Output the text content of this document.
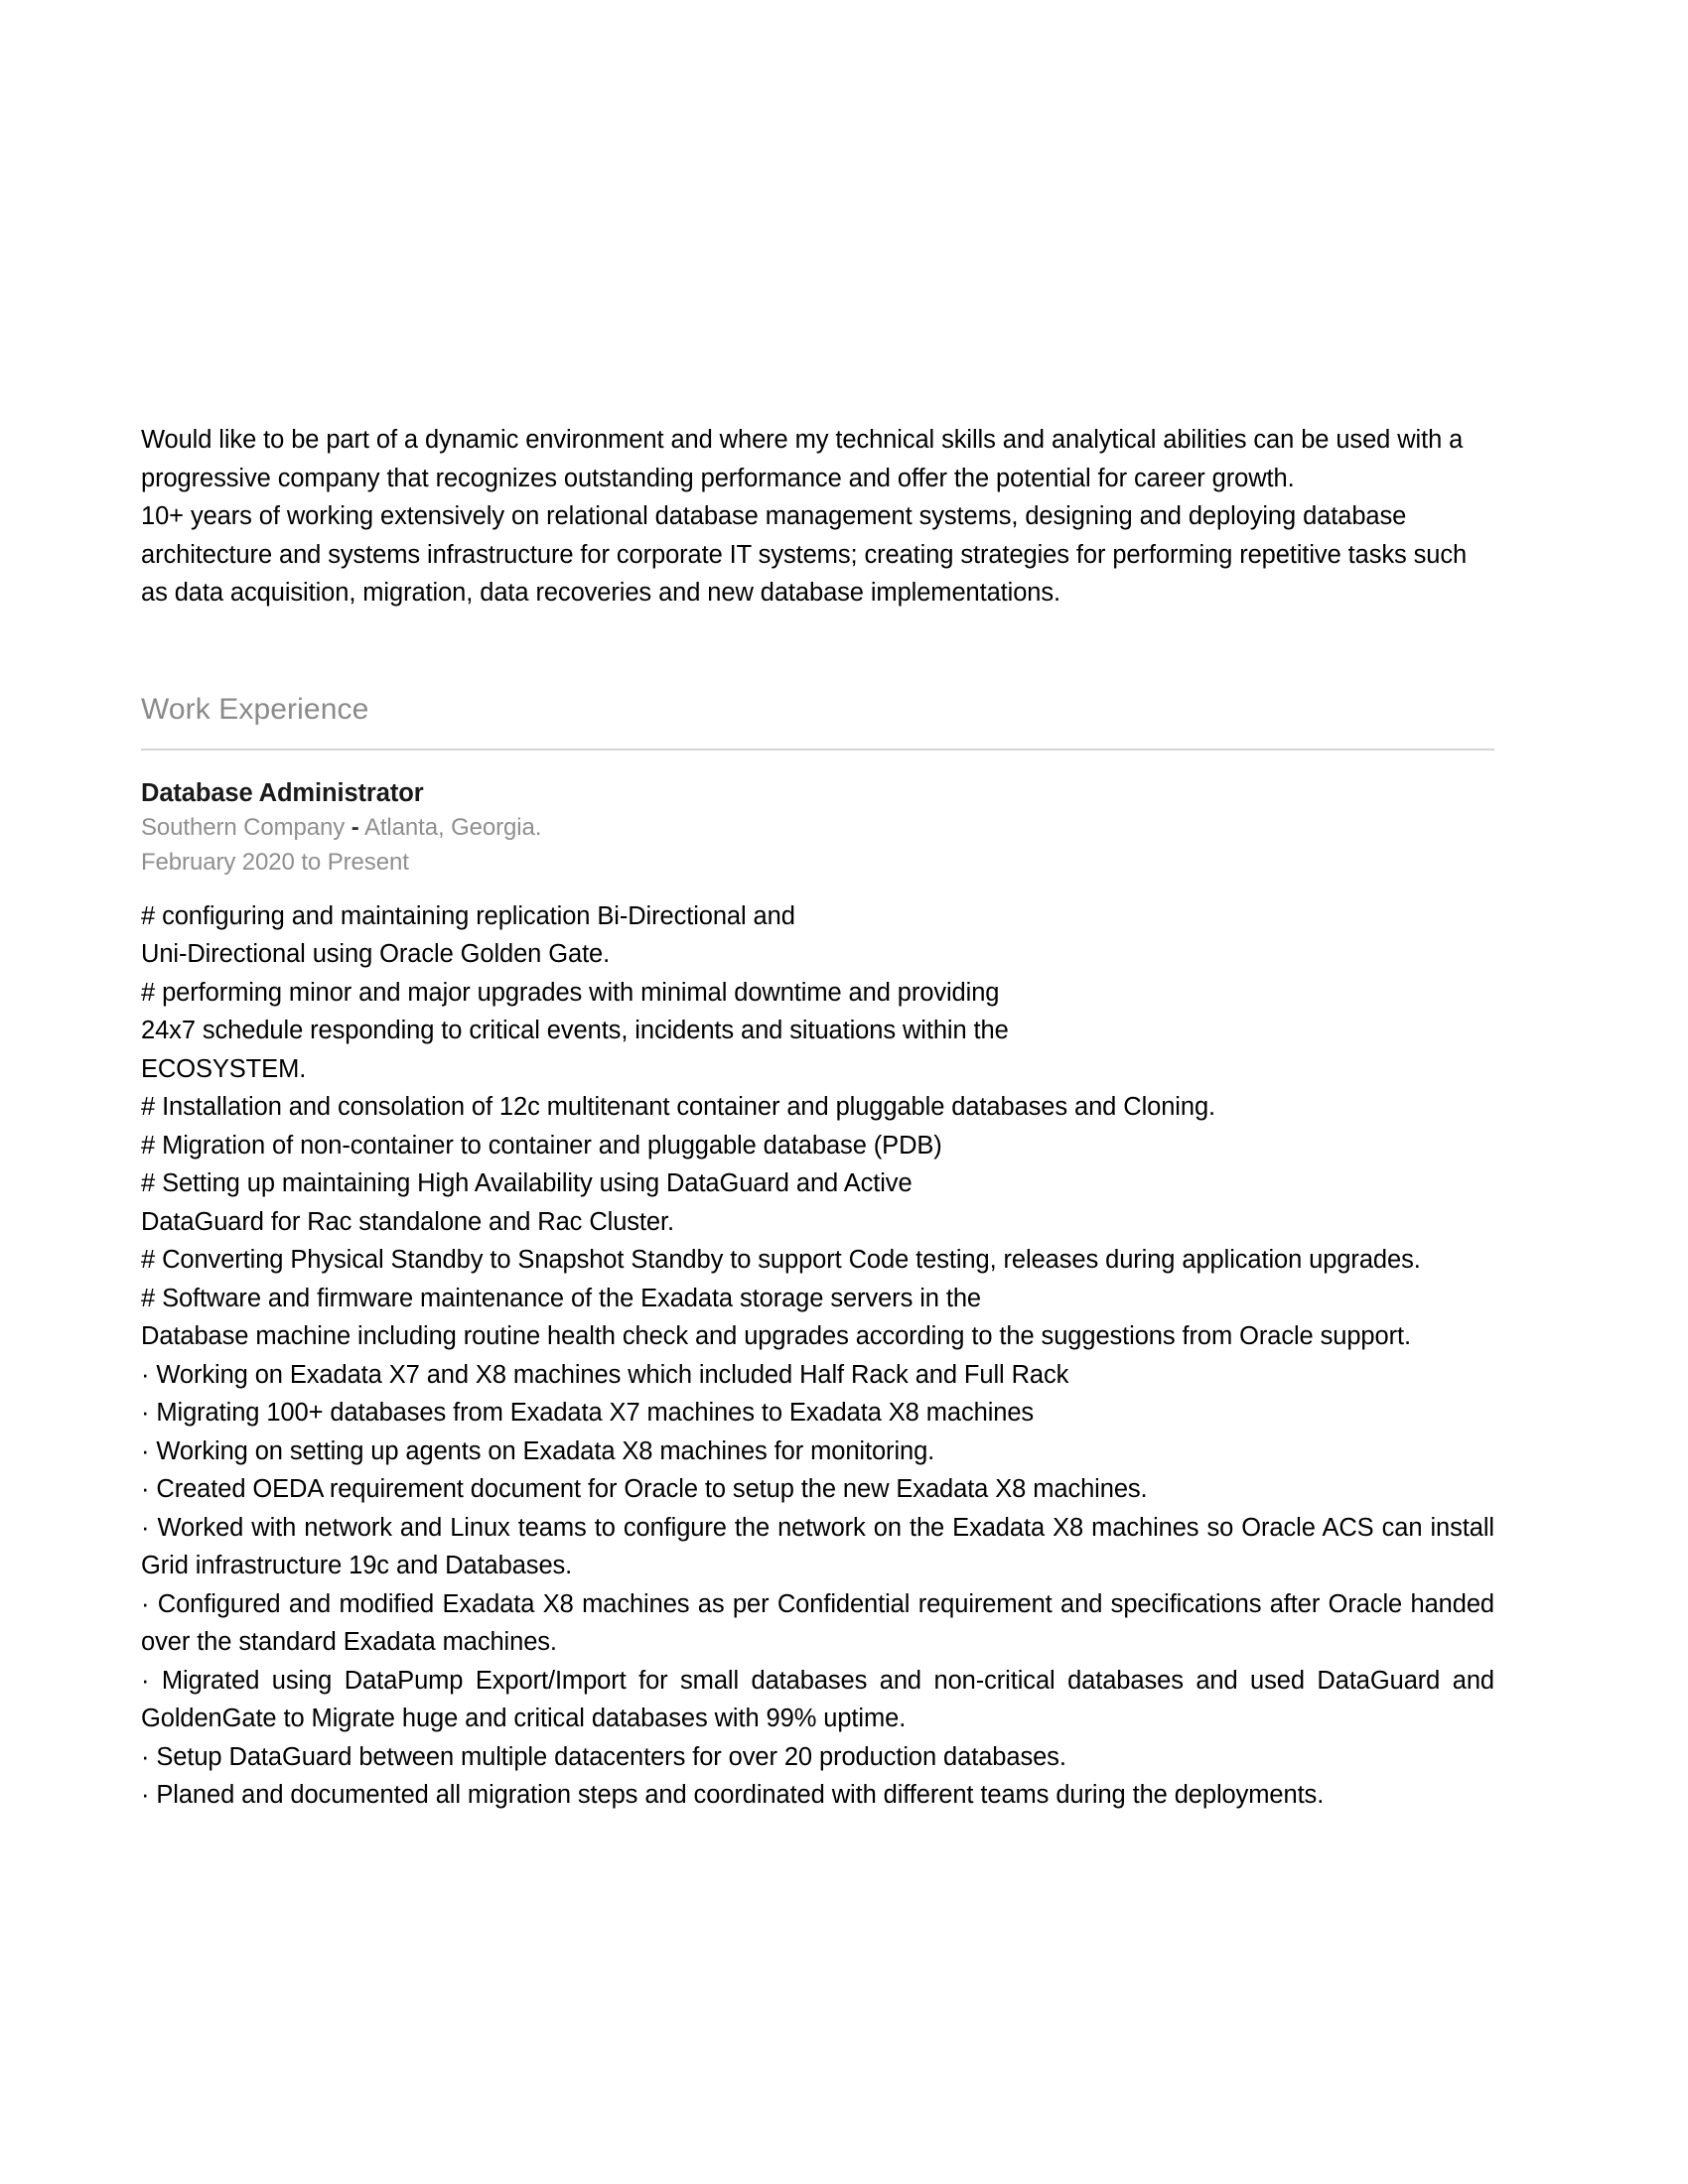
Would like to be part of a dynamic environment and where my technical skills and analytical abilities can be used with a progressive company that recognizes outstanding performance and offer the potential for career growth.

10+ years of working extensively on relational database management systems, designing and deploying database architecture and systems infrastructure for corporate IT systems; creating strategies for performing repetitive tasks such as data acquisition, migration, data recoveries and new database implementations.

Work Experience
Database Administrator
Southern Company - Atlanta, Georgia.
February 2020 to Present

# configuring and maintaining replication Bi-Directional and

Uni-Directional using Oracle Golden Gate.

# performing minor and major upgrades with minimal downtime and providing

24x7 schedule responding to critical events, incidents and situations within the

ECOSYSTEM.

# Installation and consolation of 12c multitenant container and pluggable databases and Cloning.

# Migration of non-container to container and pluggable database (PDB)

# Setting up maintaining High Availability using DataGuard and Active

DataGuard for Rac standalone and Rac Cluster.

# Converting Physical Standby to Snapshot Standby to support Code testing, releases during application upgrades.

# Software and firmware maintenance of the Exadata storage servers in the

Database machine including routine health check and upgrades according to the suggestions from Oracle support.

· Working on Exadata X7 and X8 machines which included Half Rack and Full Rack

· Migrating 100+ databases from Exadata X7 machines to Exadata X8 machines

· Working on setting up agents on Exadata X8 machines for monitoring.

· Created OEDA requirement document for Oracle to setup the new Exadata X8 machines.

· Worked with network and Linux teams to configure the network on the Exadata X8 machines so Oracle ACS can install Grid infrastructure 19c and Databases.

· Configured and modified Exadata X8 machines as per Confidential requirement and specifications after Oracle handed over the standard Exadata machines.

· Migrated using DataPump Export/Import for small databases and non-critical databases and used DataGuard and GoldenGate to Migrate huge and critical databases with 99% uptime.

· Setup DataGuard between multiple datacenters for over 20 production databases.

· Planed and documented all migration steps and coordinated with different teams during the deployments.
